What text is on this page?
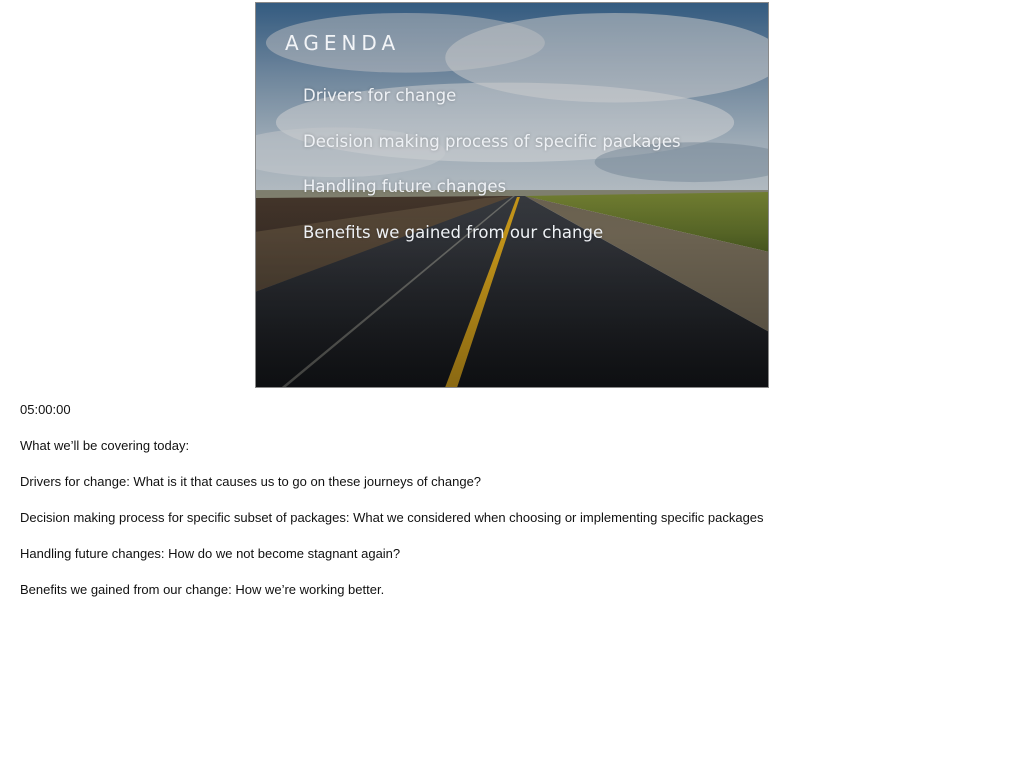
AGENDA
Drivers for change
Decision making process of specific packages
Handling future changes
Benefits we gained from our change

05:00:00

What we’ll be covering today:

Drivers for change: What is it that causes us to go on these journeys of change?

Decision making process for specific subset of packages: What we considered when choosing or implementing specific packages

Handling future changes: How do we not become stagnant again?

Benefits we gained from our change: How we’re working better.
